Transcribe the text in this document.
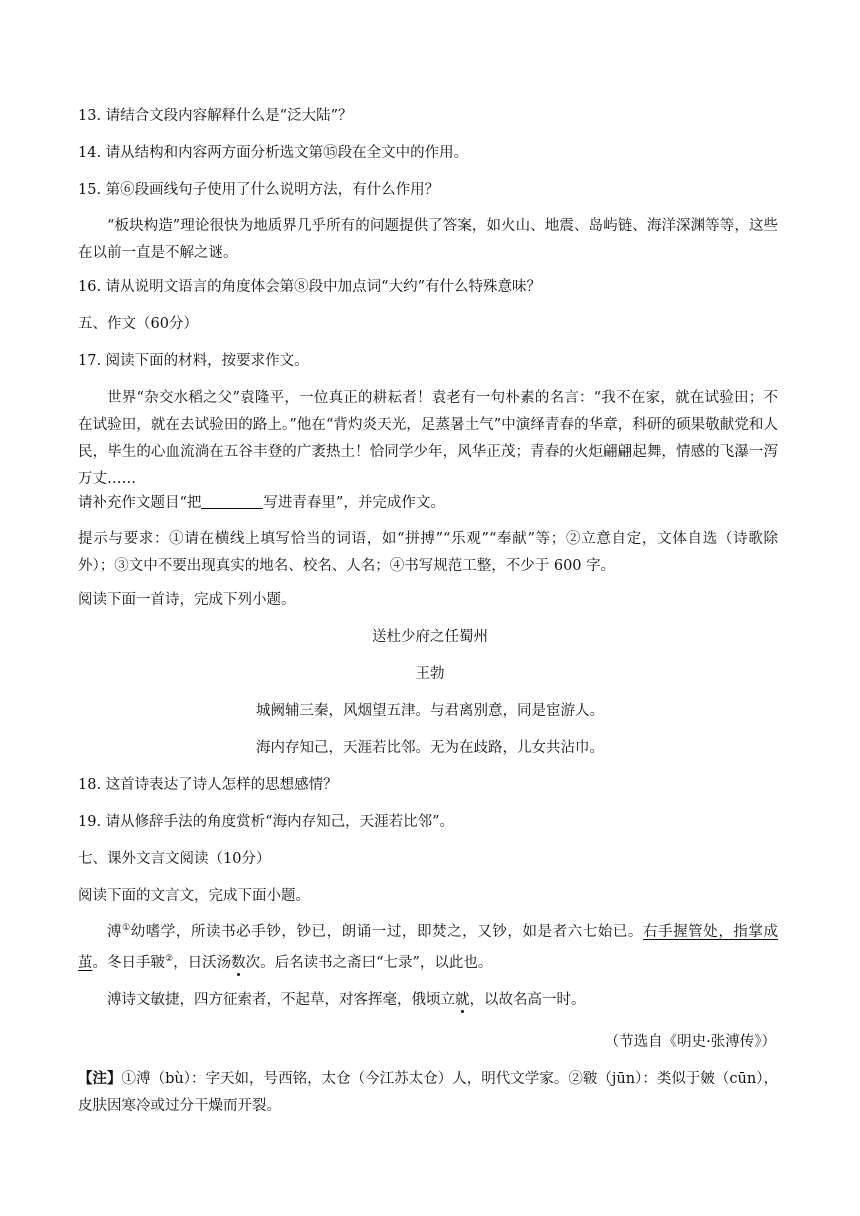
13. 请结合文段内容解释什么是“泛大陆”？
14. 请从结构和内容两方面分析选文第⑮段在全文中的作用。
15. 第⑥段画线句子使用了什么说明方法，有什么作用？
“板块构造”理论很快为地质界几乎所有的问题提供了答案，如火山、地震、岛屿链、海洋深渊等等，这些在以前一直是不解之谜。
16. 请从说明文语言的角度体会第⑧段中加点词“大约”有什么特殊意味？
五、作文（60分）
17. 阅读下面的材料，按要求作文。
世界“杂交水稻之父”袁隆平，一位真正的耕耘者！袁老有一句朴素的名言：“我不在家，就在试验田；不在试验田，就在去试验田的路上。”他在“背灼炎天光，足蒸暑土气”中演绎青春的华章，科研的硕果敬献党和人民，毕生的心血流淌在五谷丰登的广袤热土！恰同学少年，风华正茂；青春的火炬翩翩起舞，情感的飞瀑一泻万丈……
请补充作文题目“把	写进青春里”，并完成作文。
提示与要求：①请在横线上填写恰当的词语，如“拼搏”“乐观”“奉献”等；②立意自定，文体自选（诗歌除外）；③文中不要出现真实的地名、校名、人名；④书写规范工整，不少于 600 字。
阅读下面一首诗，完成下列小题。
送杜少府之任蜀州
王勃
城阙辅三秦，风烟望五津。与君离别意，同是宦游人。
海内存知己，天涯若比邻。无为在歧路，儿女共沾巾。
18. 这首诗表达了诗人怎样的思想感情？
19. 请从修辞手法的角度赏析“海内存知己，天涯若比邻”。
七、课外文言文阅读（10分）
阅读下面的文言文，完成下面小题。
溥①幼嗜学，所读书必手钞，钞已，朗诵一过，即焚之，又钞，如是者六七始已。右手握管处，指掌成茧。冬日手皲②，日沃汤数次。后名读书之斋曰“七录”，以此也。
溥诗文敏捷，四方征索者，不起草，对客挥毫，俄顷立就，以故名高一时。
（节选自《明史·张溥传》）
【注】①溥（bù）：字天如，号西铭，太仓（今江苏太仓）人，明代文学家。②皲（jūn）：类似于皴（cūn），皮肤因寒冷或过分干燥而开裂。
